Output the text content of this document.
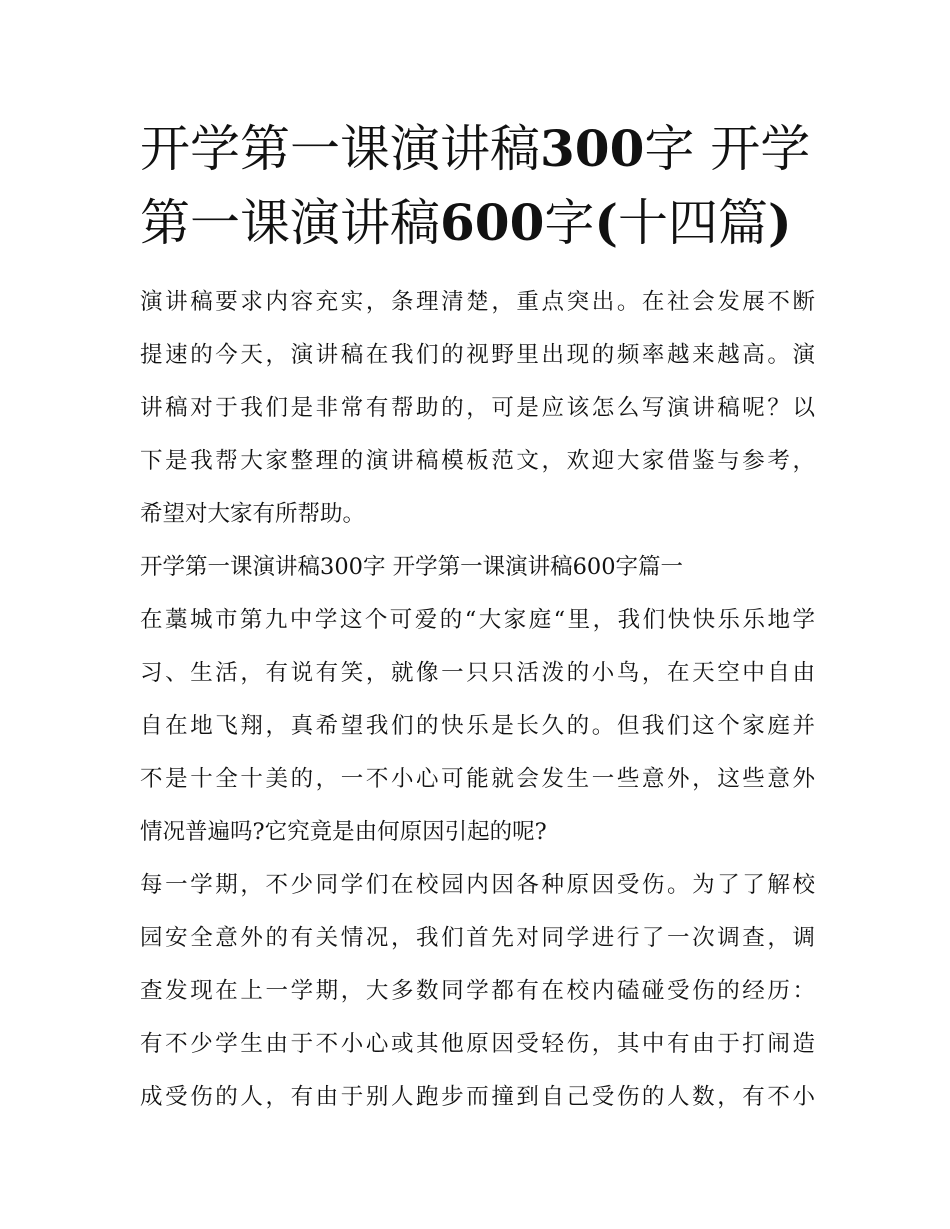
开学第一课演讲稿300字 开学
第一课演讲稿600字(十四篇)
演讲稿要求内容充实，条理清楚，重点突出。在社会发展不断
提速的今天，演讲稿在我们的视野里出现的频率越来越高。演
讲稿对于我们是非常有帮助的，可是应该怎么写演讲稿呢？以
下是我帮大家整理的演讲稿模板范文，欢迎大家借鉴与参考，
希望对大家有所帮助。
开学第一课演讲稿300字 开学第一课演讲稿600字篇一
在藁城市第九中学这个可爱的“大家庭“里，我们快快乐乐地学
习、生活，有说有笑，就像一只只活泼的小鸟，在天空中自由
自在地飞翔，真希望我们的快乐是长久的。但我们这个家庭并
不是十全十美的，一不小心可能就会发生一些意外，这些意外
情况普遍吗?它究竟是由何原因引起的呢?
每一学期，不少同学们在校园内因各种原因受伤。为了了解校
园安全意外的有关情况，我们首先对同学进行了一次调查，调
查发现在上一学期，大多数同学都有在校内磕碰受伤的经历：
有不少学生由于不小心或其他原因受轻伤，其中有由于打闹造
成受伤的人，有由于别人跑步而撞到自己受伤的人数，有不小
